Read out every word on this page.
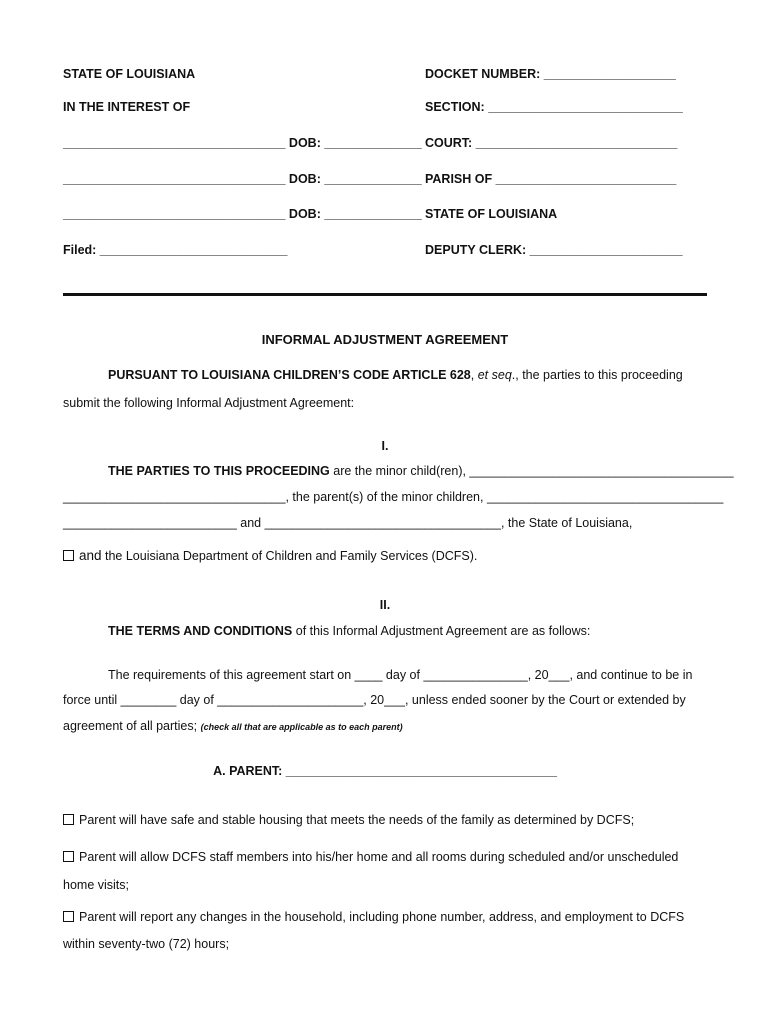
STATE OF LOUISIANA
IN THE INTEREST OF
________________________________ DOB: ______________
________________________________ DOB: ______________
________________________________ DOB: ______________
Filed: ___________________________
DOCKET NUMBER: ___________________
SECTION: ____________________________
COURT: _____________________________
PARISH OF __________________________
STATE OF LOUISIANA
DEPUTY CLERK: ______________________
INFORMAL ADJUSTMENT AGREEMENT
PURSUANT TO LOUISIANA CHILDREN’S CODE ARTICLE 628, et seq., the parties to this proceeding
submit the following Informal Adjustment Agreement:
I.
THE PARTIES TO THIS PROCEEDING are the minor child(ren), ______________________________________
________________________________, the parent(s) of the minor children, __________________________________
_________________________ and __________________________________, the State of Louisiana,
and the Louisiana Department of Children and Family Services (DCFS).
II.
THE TERMS AND CONDITIONS of this Informal Adjustment Agreement are as follows:
The requirements of this agreement start on ____ day of _______________, 20___, and continue to be in
force until ________ day of _____________________, 20___, unless ended sooner by the Court or extended by
agreement of all parties; (check all that are applicable as to each parent)
A. PARENT: _______________________________________
Parent will have safe and stable housing that meets the needs of the family as determined by DCFS;
Parent will allow DCFS staff members into his/her home and all rooms during scheduled and/or unscheduled
home visits;
Parent will report any changes in the household, including phone number, address, and employment to DCFS
within seventy-two (72) hours;
